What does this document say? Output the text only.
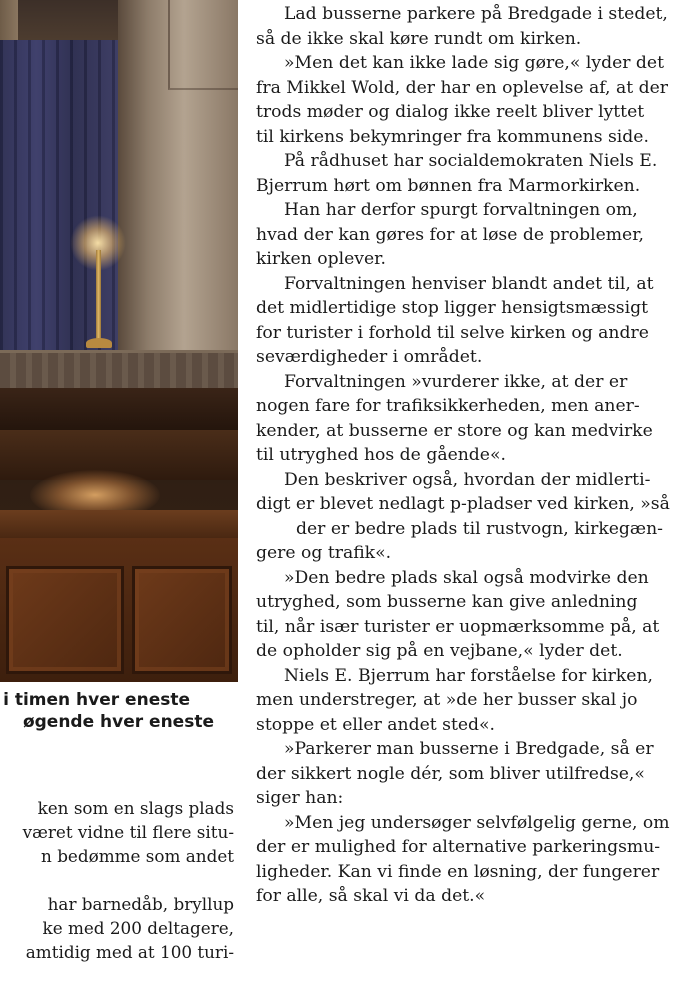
i timen hver eneste
øgende hver eneste
ken som en slags plads
været vidne til flere situ-
n bedømme som andet
har barnedåb, bryllup
ke med 200 deltagere,
amtidig med at 100 turi-
Lad busserne parkere på Bredgade i stedet,
så de ikke skal køre rundt om kirken.
»Men det kan ikke lade sig gøre,« lyder det
fra Mikkel Wold, der har en oplevelse af, at der
trods møder og dialog ikke reelt bliver lyttet
til kirkens bekymringer fra kommunens side.
På rådhuset har socialdemokraten Niels E.
Bjerrum hørt om bønnen fra Marmorkirken.
Han har derfor spurgt forvaltningen om,
hvad der kan gøres for at løse de problemer,
kirken oplever.
Forvaltningen henviser blandt andet til, at
det midlertidige stop ligger hensigtsmæssigt
for turister i forhold til selve kirken og andre
seværdigheder i området.
Forvaltningen »vurderer ikke, at der er
nogen fare for trafiksikkerheden, men aner-
kender, at busserne er store og kan medvirke
til utryghed hos de gående«.
Den beskriver også, hvordan der midlerti-
digt er blevet nedlagt p-pladser ved kirken, »så
der er bedre plads til rustvogn, kirkegæn-
gere og trafik«.
»Den bedre plads skal også modvirke den
utryghed, som busserne kan give anledning
til, når især turister er uopmærksomme på, at
de opholder sig på en vejbane,« lyder det.
Niels E. Bjerrum har forståelse for kirken,
men understreger, at »de her busser skal jo
stoppe et eller andet sted«.
»Parkerer man busserne i Bredgade, så er
der sikkert nogle dér, som bliver utilfredse,«
siger han:
»Men jeg undersøger selvfølgelig gerne, om
der er mulighed for alternative parkeringsmu-
ligheder. Kan vi finde en løsning, der fungerer
for alle, så skal vi da det.«
